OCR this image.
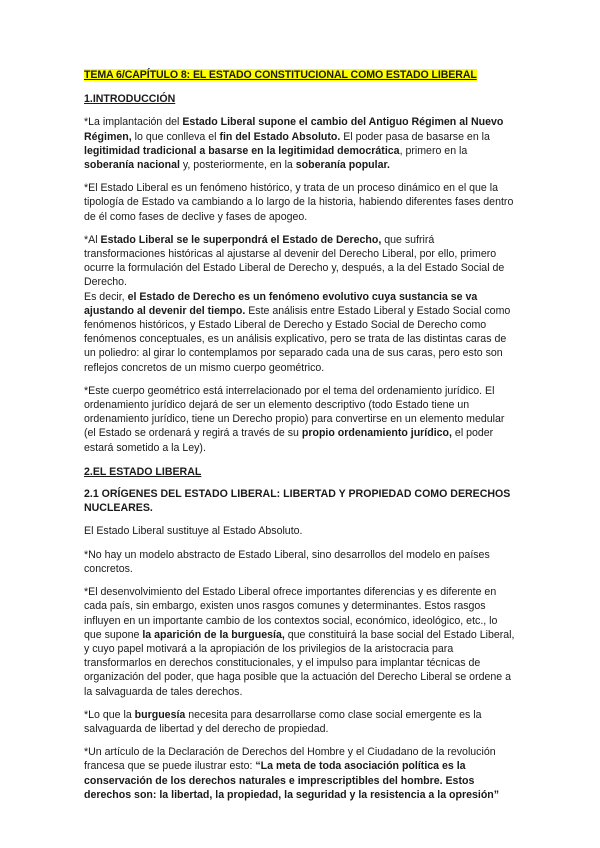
TEMA 6/CAPÍTULO 8: EL ESTADO CONSTITUCIONAL COMO ESTADO LIBERAL
1.INTRODUCCIÓN

*La implantación del Estado Liberal supone el cambio del Antiguo Régimen al Nuevo Régimen, lo que conlleva el fin del Estado Absoluto. El poder pasa de basarse en la legitimidad tradicional a basarse en la legitimidad democrática, primero en la soberanía nacional y, posteriormente, en la soberanía popular.

*El Estado Liberal es un fenómeno histórico, y trata de un proceso dinámico en el que la tipología de Estado va cambiando a lo largo de la historia, habiendo diferentes fases dentro de él como fases de declive y fases de apogeo.

*Al Estado Liberal se le superpondrá el Estado de Derecho, que sufrirá transformaciones históricas al ajustarse al devenir del Derecho Liberal, por ello, primero ocurre la formulación del Estado Liberal de Derecho y, después, a la del Estado Social de Derecho.

Es decir, el Estado de Derecho es un fenómeno evolutivo cuya sustancia se va ajustando al devenir del tiempo. Este análisis entre Estado Liberal y Estado Social como fenómenos históricos, y Estado Liberal de Derecho y Estado Social de Derecho como fenómenos conceptuales, es un análisis explicativo, pero se trata de las distintas caras de un poliedro: al girar lo contemplamos por separado cada una de sus caras, pero esto son reflejos concretos de un mismo cuerpo geométrico.

*Este cuerpo geométrico está interrelacionado por el tema del ordenamiento jurídico. El ordenamiento jurídico dejará de ser un elemento descriptivo (todo Estado tiene un ordenamiento jurídico, tiene un Derecho propio) para convertirse en un elemento medular (el Estado se ordenará y regirá a través de su propio ordenamiento jurídico, el poder estará sometido a la Ley).

2.EL ESTADO LIBERAL
2.1 ORÍGENES DEL ESTADO LIBERAL: LIBERTAD Y PROPIEDAD COMO DERECHOS NUCLEARES.

El Estado Liberal sustituye al Estado Absoluto.

*No hay un modelo abstracto de Estado Liberal, sino desarrollos del modelo en países concretos.

*El desenvolvimiento del Estado Liberal ofrece importantes diferencias y es diferente en cada país, sin embargo, existen unos rasgos comunes y determinantes. Estos rasgos influyen en un importante cambio de los contextos social, económico, ideológico, etc., lo que supone la aparición de la burguesía, que constituirá la base social del Estado Liberal, y cuyo papel motivará a la apropiación de los privilegios de la aristocracia para transformarlos en derechos constitucionales, y el impulso para implantar técnicas de organización del poder, que haga posible que la actuación del Derecho Liberal se ordene a la salvaguarda de tales derechos.

*Lo que la burguesía necesita para desarrollarse como clase social emergente es la salvaguarda de libertad y del derecho de propiedad.

*Un artículo de la Declaración de Derechos del Hombre y el Ciudadano de la revolución francesa que se puede ilustrar esto: “La meta de toda asociación política es la conservación de los derechos naturales e imprescriptibles del hombre. Estos derechos son: la libertad, la propiedad, la seguridad y la resistencia a la opresión”
